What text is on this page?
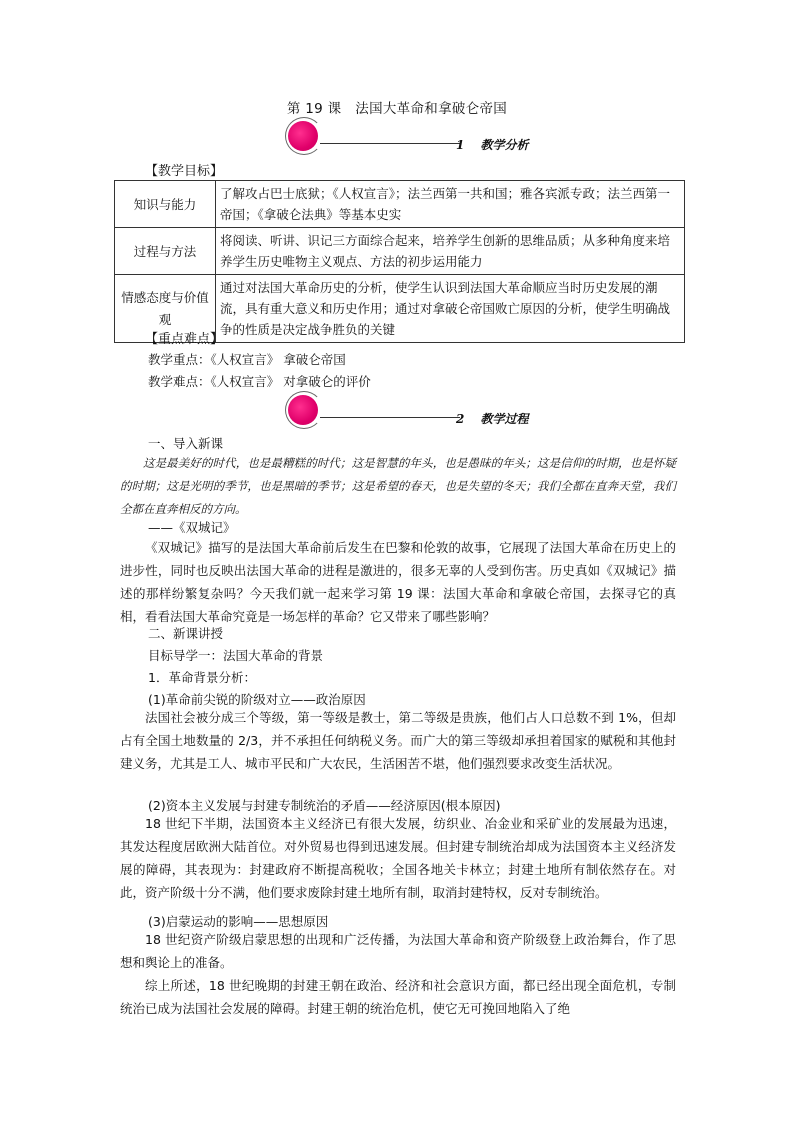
第 19 课　法国大革命和拿破仑帝国
1 教学分析
【教学目标】
知识与能力	了解攻占巴士底狱；《人权宣言》；法兰西第一共和国；雅各宾派专政；法兰西第一帝国；《拿破仑法典》等基本史实
过程与方法	将阅读、听讲、识记三方面综合起来，培养学生创新的思维品质；从多种角度来培养学生历史唯物主义观点、方法的初步运用能力
情感态度与价值观	通过对法国大革命历史的分析，使学生认识到法国大革命顺应当时历史发展的潮流，具有重大意义和历史作用；通过对拿破仑帝国败亡原因的分析，使学生明确战争的性质是决定战争胜负的关键
【重点难点】
教学重点：《人权宣言》 拿破仑帝国
教学难点：《人权宣言》 对拿破仑的评价
2 教学过程
一、导入新课

这是最美好的时代，也是最糟糕的时代；这是智慧的年头，也是愚昧的年头；这是信仰的时期，也是怀疑的时期；这是光明的季节，也是黑暗的季节；这是希望的春天，也是失望的冬天；我们全都在直奔天堂，我们全都在直奔相反的方向。

——《双城记》

《双城记》描写的是法国大革命前后发生在巴黎和伦敦的故事，它展现了法国大革命在历史上的进步性，同时也反映出法国大革命的进程是激进的，很多无辜的人受到伤害。历史真如《双城记》描述的那样纷繁复杂吗？今天我们就一起来学习第 19 课：法国大革命和拿破仑帝国，去探寻它的真相，看看法国大革命究竟是一场怎样的革命？它又带来了哪些影响？

二、新课讲授
目标导学一：法国大革命的背景
1．革命背景分析：
(1)革命前尖锐的阶级对立——政治原因

法国社会被分成三个等级，第一等级是教士，第二等级是贵族，他们占人口总数不到 1%，但却占有全国土地数量的 2/3，并不承担任何纳税义务。而广大的第三等级却承担着国家的赋税和其他封建义务，尤其是工人、城市平民和广大农民，生活困苦不堪，他们强烈要求改变生活状况。

(2)资本主义发展与封建专制统治的矛盾——经济原因(根本原因)

18 世纪下半期，法国资本主义经济已有很大发展，纺织业、冶金业和采矿业的发展最为迅速，其发达程度居欧洲大陆首位。对外贸易也得到迅速发展。但封建专制统治却成为法国资本主义经济发展的障碍，其表现为：封建政府不断提高税收；全国各地关卡林立；封建土地所有制依然存在。对此，资产阶级十分不满，他们要求废除封建土地所有制，取消封建特权，反对专制统治。

(3)启蒙运动的影响——思想原因

18 世纪资产阶级启蒙思想的出现和广泛传播，为法国大革命和资产阶级登上政治舞台，作了思想和舆论上的准备。

综上所述，18 世纪晚期的封建王朝在政治、经济和社会意识方面，都已经出现全面危机，专制统治已成为法国社会发展的障碍。封建王朝的统治危机，使它无可挽回地陷入了绝
